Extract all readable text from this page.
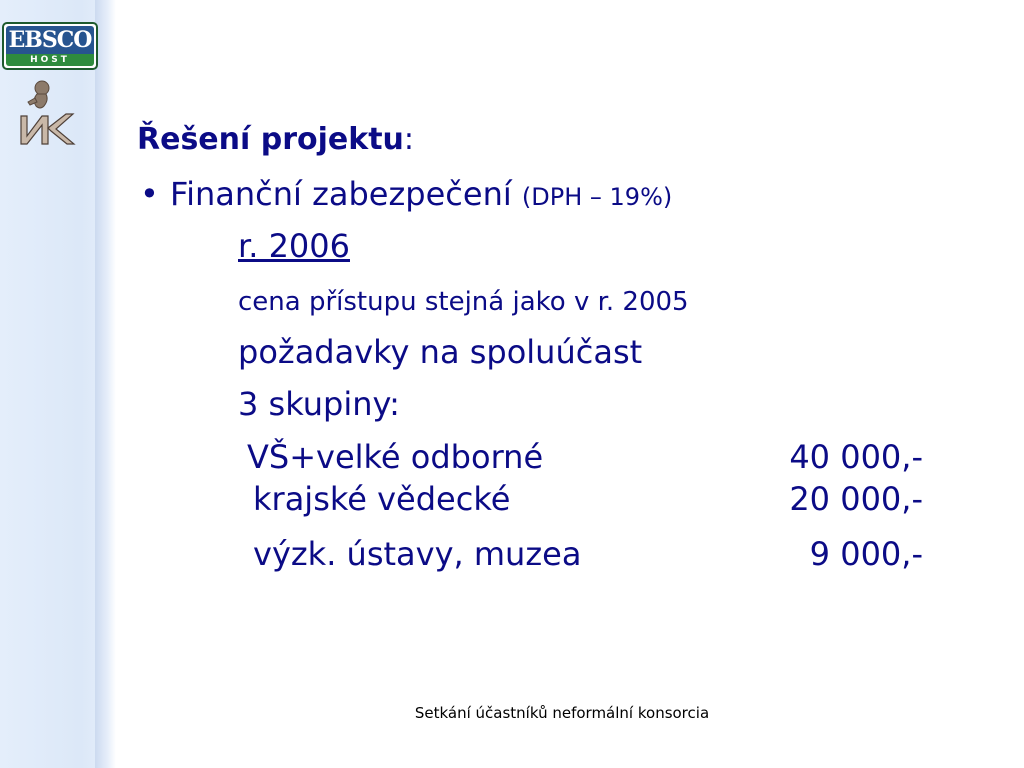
EBSCO
HOST
Řešení projektu:
• Finanční zabezpečení (DPH – 19%)
r. 2006
cena přístupu stejná jako v r. 2005
požadavky na spoluúčast
3 skupiny:
VŠ+velké odborné	40 000,-
krajské vědecké	20 000,-
výzk. ústavy, muzea	9 000,-
Setkání účastníků neformální konsorcia
